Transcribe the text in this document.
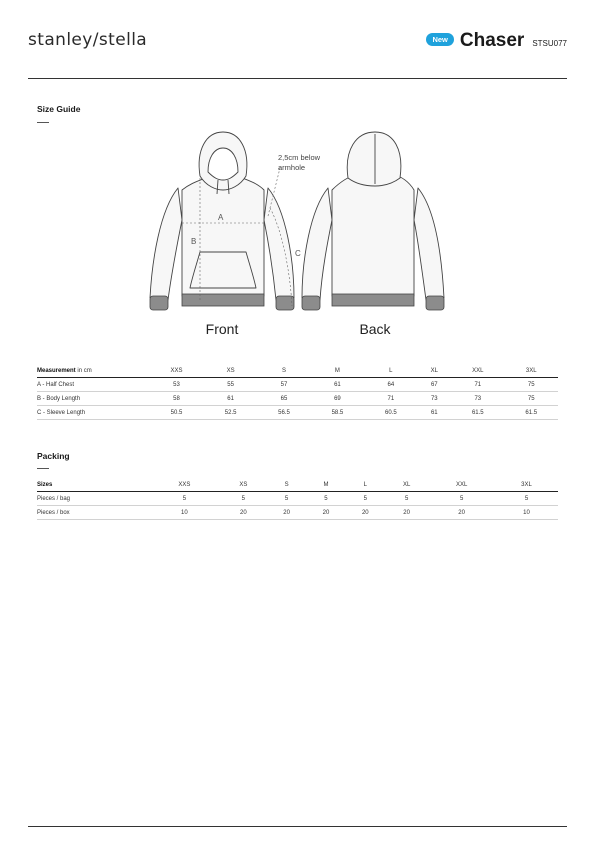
stanley/stella	New Chaser STSU077
Size Guide
A
B
C
2,5cm below
armhole
Front	Back
Measurement in cm	XXS	XS	S	M	L	XL	XXL	3XL
A - Half Chest	53	55	57	61	64	67	71	75
B - Body Length	58	61	65	69	71	73	73	75
C - Sleeve Length	50.5	52.5	56.5	58.5	60.5	61	61.5	61.5
Packing
Sizes	XXS	XS	S	M	L	XL	XXL	3XL
Pieces / bag	5	5	5	5	5	5	5	5
Pieces / box	10	20	20	20	20	20	20	10
